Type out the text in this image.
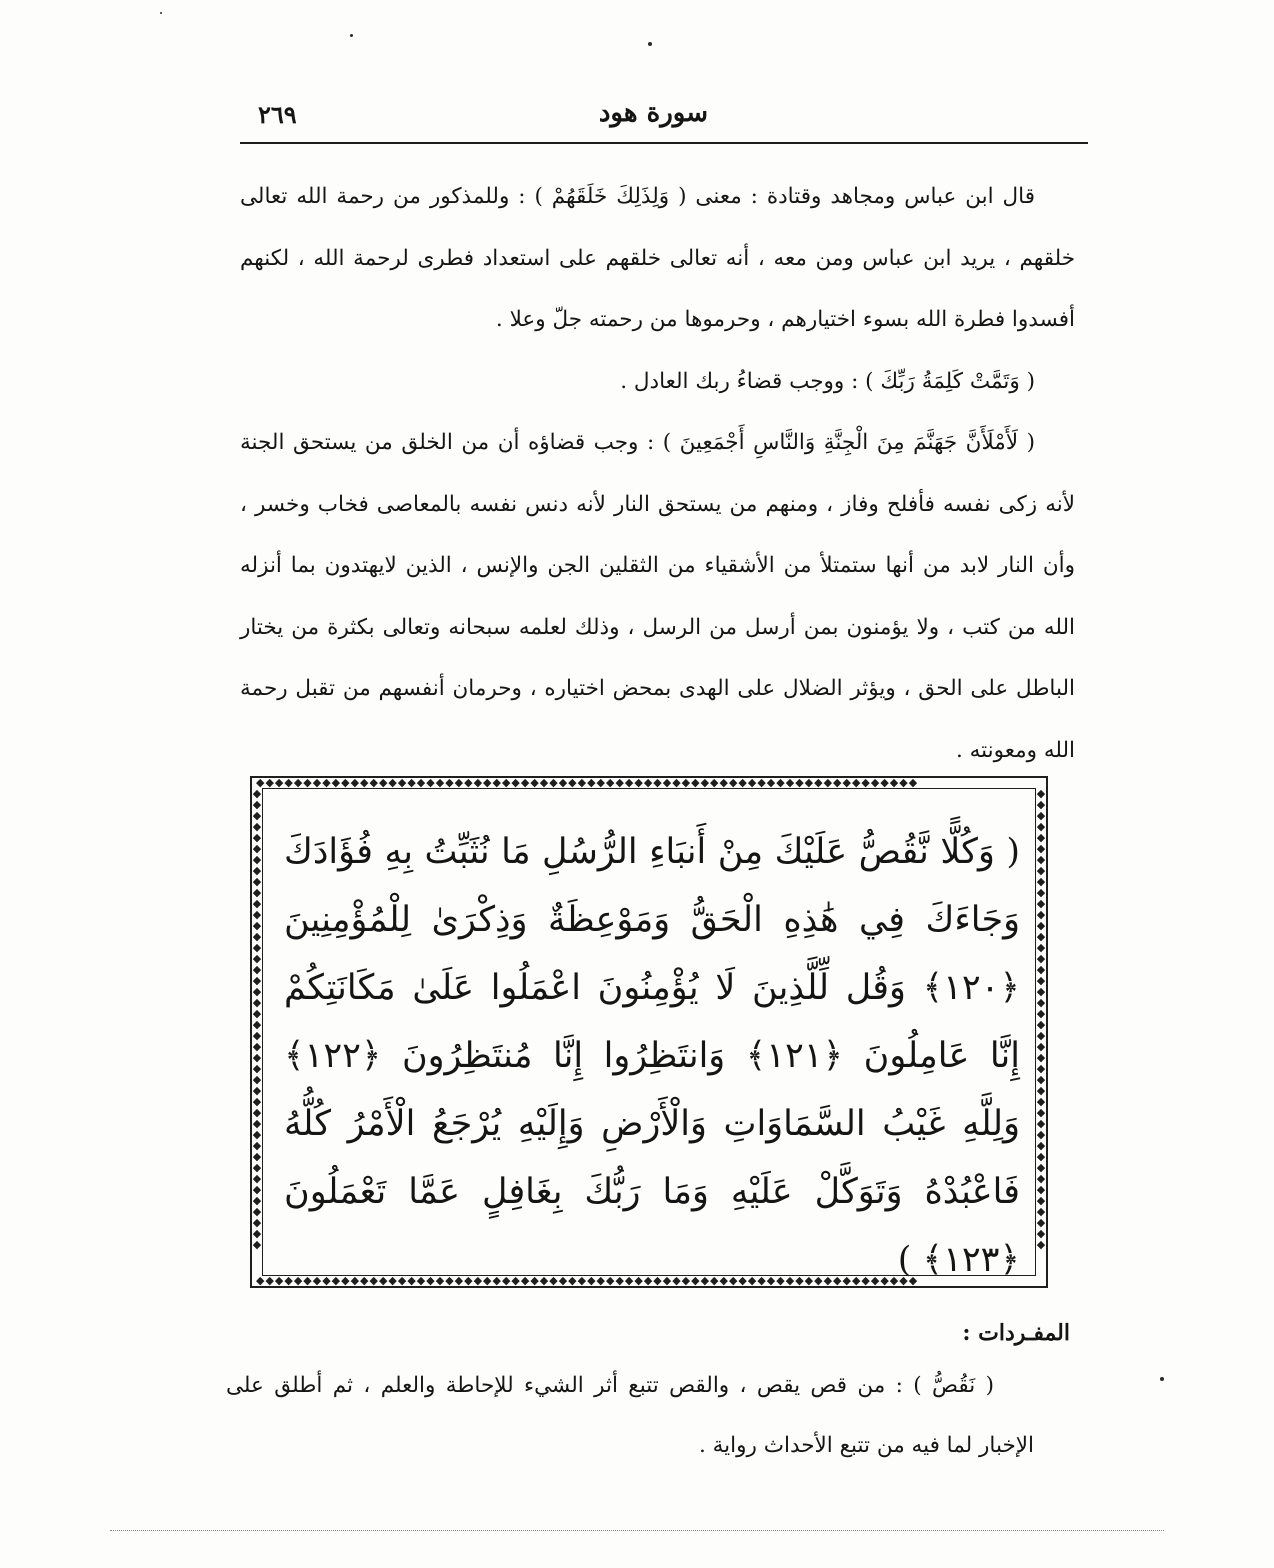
سورة هود
٢٦٩

قال ابن عباس ومجاهد وقتادة : معنى ( وَلِذَلِكَ خَلَقَهُمْ ) : وللمذكور من رحمة الله تعالى خلقهم ، يريد ابن عباس ومن معه ، أنه تعالى خلقهم على استعداد فطرى لرحمة الله ، لكنهم أفسدوا فطرة الله بسوء اختيارهم ، وحرموها من رحمته جلّ وعلا .

( وَتَمَّتْ كَلِمَةُ رَبِّكَ ) : ووجب قضاءُ ربك العادل .

( لَأَمْلَأَنَّ جَهَنَّمَ مِنَ الْجِنَّةِ وَالنَّاسِ أَجْمَعِينَ ) : وجب قضاؤه أن من الخلق من يستحق الجنة لأنه زكى نفسه فأفلح وفاز ، ومنهم من يستحق النار لأنه دنس نفسه بالمعاصى فخاب وخسر ، وأن النار لابد من أنها ستمتلأ من الأشقياء من الثقلين الجن والإنس ، الذين لايهتدون بما أنزله الله من كتب ، ولا يؤمنون بمن أرسل من الرسل ، وذلك لعلمه سبحانه وتعالى بكثرة من يختار الباطل على الحق ، ويؤثر الضلال على الهدى بمحض اختياره ، وحرمان أنفسهم من تقبل رحمة الله ومعونته .

◆◆◆◆◆◆◆◆◆◆◆◆◆◆◆◆◆◆◆◆◆◆◆◆◆◆◆◆◆◆◆◆◆◆◆◆◆◆◆◆◆◆◆◆◆◆◆◆◆◆◆◆◆◆◆◆◆◆◆◆◆◆◆◆◆◆◆◆◆◆
◆◆◆◆◆◆◆◆◆◆◆◆◆◆◆◆◆◆◆◆◆◆◆◆◆◆◆◆◆◆◆◆◆◆◆◆◆◆◆◆◆◆◆◆◆◆◆◆◆◆◆◆◆◆◆◆◆◆◆◆◆◆◆◆◆◆◆◆◆◆
◆◆◆◆◆◆◆◆◆◆◆◆◆◆◆◆◆◆◆◆◆◆◆◆◆◆◆◆◆◆◆◆◆◆◆◆◆◆◆◆◆◆
◆◆◆◆◆◆◆◆◆◆◆◆◆◆◆◆◆◆◆◆◆◆◆◆◆◆◆◆◆◆◆◆◆◆◆◆◆◆◆◆◆◆
( وَكُلًّا نَّقُصُّ عَلَيْكَ مِنْ أَنبَاءِ الرُّسُلِ مَا نُثَبِّتُ بِهِ فُؤَادَكَ وَجَاءَكَ فِي هَٰذِهِ الْحَقُّ وَمَوْعِظَةٌ وَذِكْرَىٰ لِلْمُؤْمِنِينَ ﴿١٢٠﴾ وَقُل لِّلَّذِينَ لَا يُؤْمِنُونَ اعْمَلُوا عَلَىٰ مَكَانَتِكُمْ إِنَّا عَامِلُونَ ﴿١٢١﴾ وَانتَظِرُوا إِنَّا مُنتَظِرُونَ ﴿١٢٢﴾ وَلِلَّهِ غَيْبُ السَّمَاوَاتِ وَالْأَرْضِ وَإِلَيْهِ يُرْجَعُ الْأَمْرُ كُلُّهُ فَاعْبُدْهُ وَتَوَكَّلْ عَلَيْهِ وَمَا رَبُّكَ بِغَافِلٍ عَمَّا تَعْمَلُونَ ﴿١٢٣﴾ )
المفـردات :

( نَقُصُّ ) : من قص يقص ، والقص تتبع أثر الشيء للإحاطة والعلم ، ثم أطلق على الإخبار لما فيه من تتبع الأحداث رواية .
